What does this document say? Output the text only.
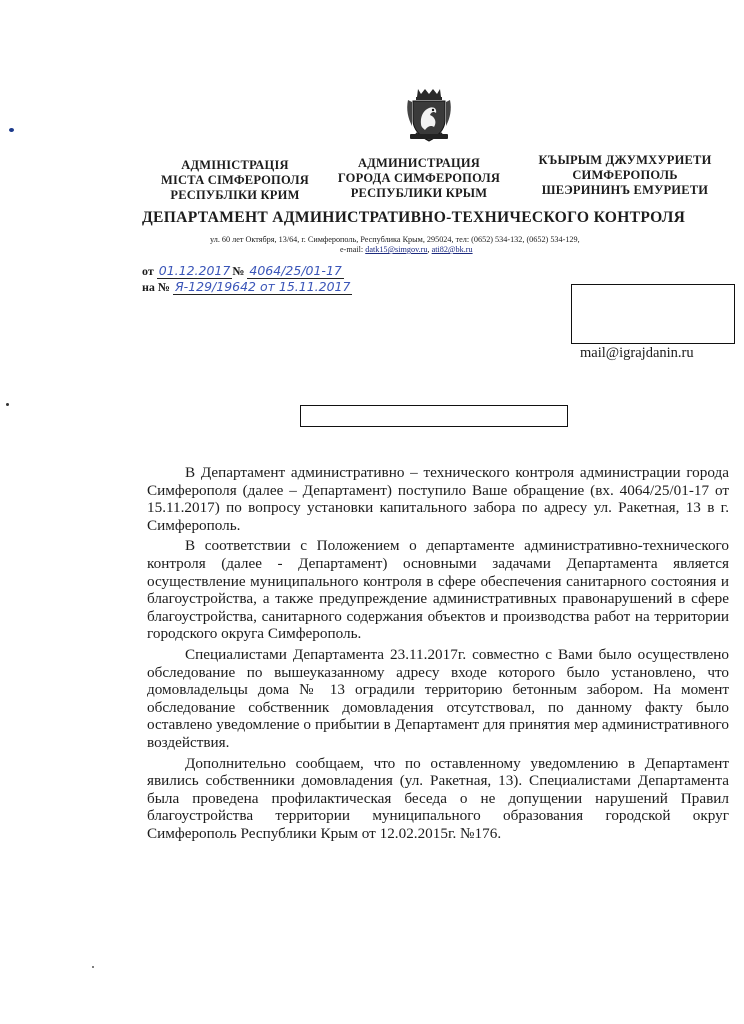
АДМІНІСТРАЦІЯ
МІСТА СІМФЕРОПОЛЯ
РЕСПУБЛІКИ КРИМ
АДМИНИСТРАЦИЯ
ГОРОДА СИМФЕРОПОЛЯ
РЕСПУБЛИКИ КРЫМ
КЪЫРЫМ ДЖУМХУРИЕТИ
СИМФЕРОПОЛЬ
ШЕЭРИНИНЪ ЕМУРИЕТИ
ДЕПАРТАМЕНТ АДМИНИСТРАТИВНО-ТЕХНИЧЕСКОГО КОНТРОЛЯ
ул. 60 лет Октября, 13/64, г. Симферополь, Республика Крым, 295024, тел: (0652) 534-132, (0652) 534-129,
e-mail: datk15@simgov.ru, ati82@bk.ru
от 01.12.2017 № 4064/25/01-17
на № Я-129/19642 от 15.11.2017
mail@igrajdanin.ru

В Департамент административно – технического контроля администрации города Симферополя (далее – Департамент) поступило Ваше обращение (вх. 4064/25/01-17 от 15.11.2017) по вопросу установки капитального забора по адресу ул. Ракетная, 13 в г. Симферополь.

В соответствии с Положением о департаменте административно-технического контроля (далее - Департамент) основными задачами Департамента является осуществление муниципального контроля в сфере обеспечения санитарного состояния и благоустройства, а также предупреждение административных правонарушений в сфере благоустройства, санитарного содержания объектов и производства работ на территории городского округа Симферополь.

Специалистами Департамента 23.11.2017г. совместно с Вами было осуществлено обследование по вышеуказанному адресу входе которого было установлено, что домовладельцы дома № 13 оградили территорию бетонным забором. На момент обследование собственник домовладения отсутствовал, по данному факту было оставлено уведомление о прибытии в Департамент для принятия мер административного воздействия.

Дополнительно сообщаем, что по оставленному уведомлению в Департамент явились собственники домовладения (ул. Ракетная, 13). Специалистами Департамента была проведена профилактическая беседа о не допущении нарушений Правил благоустройства территории муниципального образования городской округ Симферополь Республики Крым от 12.02.2015г. №176.
